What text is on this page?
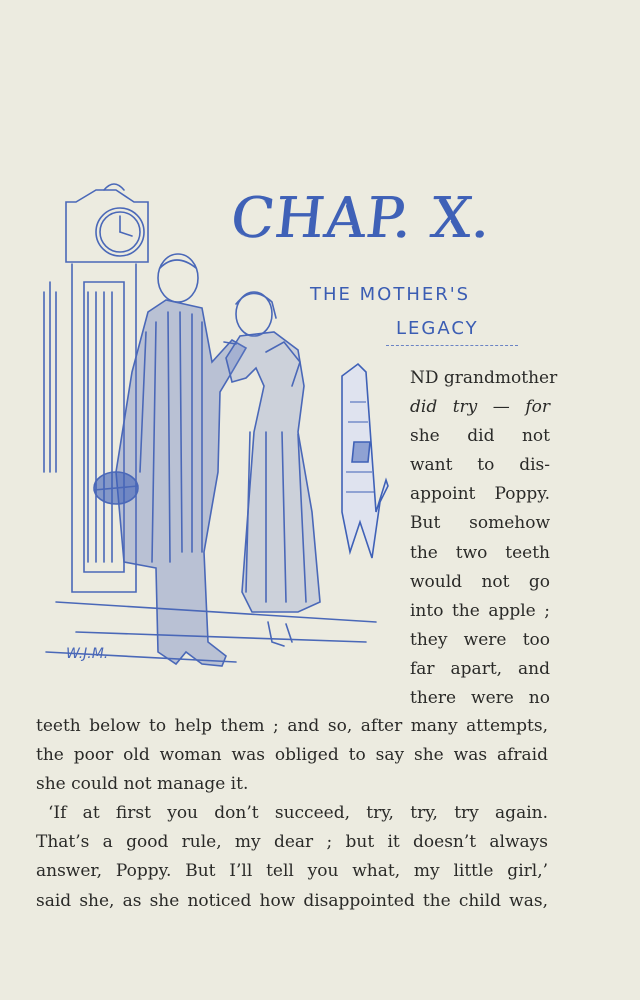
W.J.M.
CHAP. X.
THE MOTHER'S
LEGACY
A
ND grandmother
did try — for
she did not
want to dis-
appoint Poppy.
But somehow
the two teeth
would not go
into the apple ;
they were too
far apart, and
there were no
teeth below to help them ; and so, after many attempts,
the poor old woman was obliged to say she was afraid
she could not manage it.
‘If at first you don’t succeed, try, try, try again.
That’s a good rule, my dear ; but it doesn’t always
answer, Poppy. But I’ll tell you what, my little girl,’
said she, as she noticed how disappointed the child was,
